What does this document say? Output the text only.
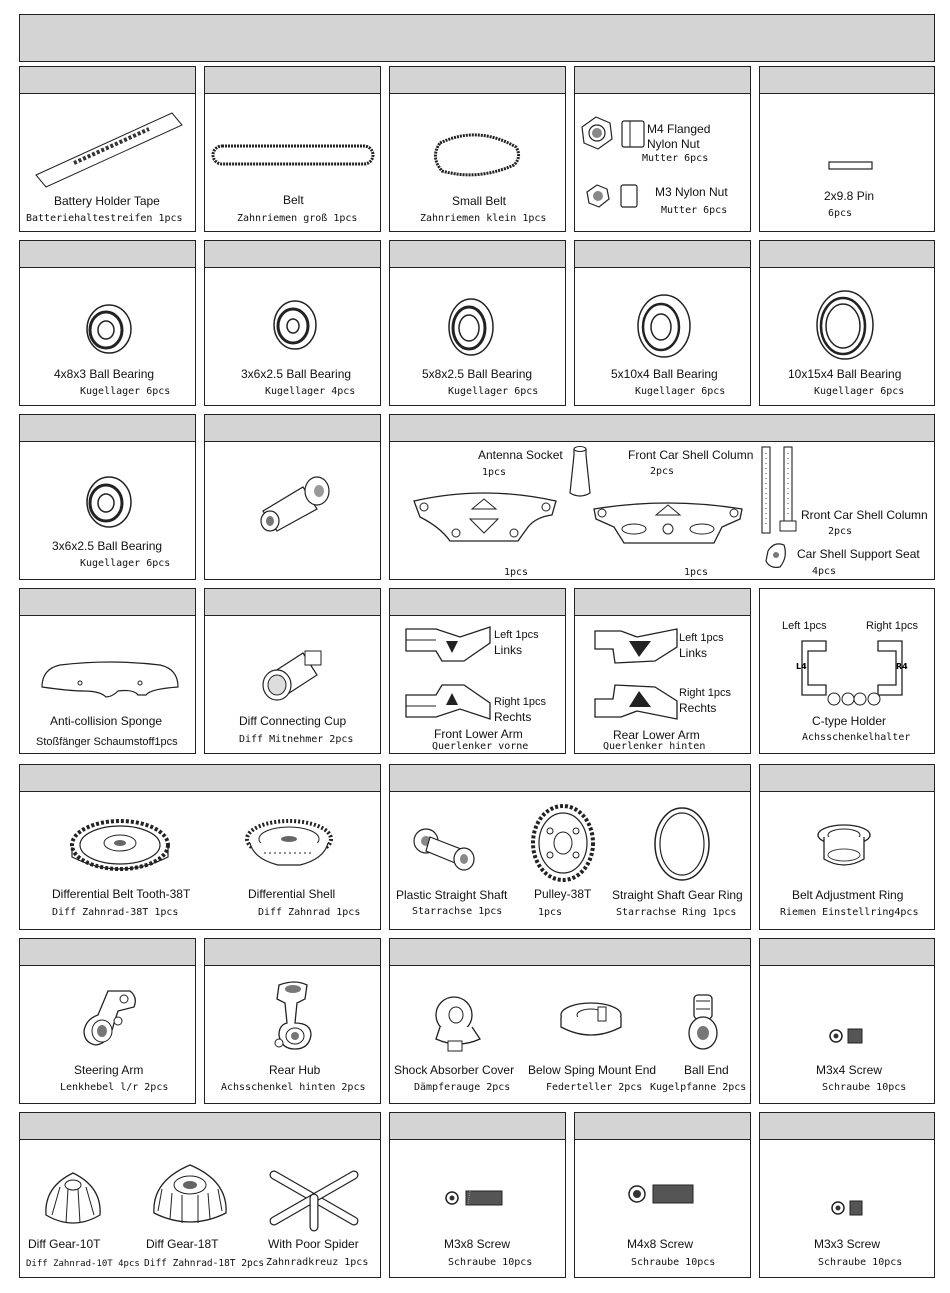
Battery Holder Tape
Batteriehaltestreifen 1pcs
Belt
Zahnriemen groß 1pcs
Small Belt
Zahnriemen klein 1pcs
M4 Flanged
Nylon Nut
Mutter 6pcs
M3 Nylon Nut
Mutter 6pcs
2x9.8 Pin
6pcs
4x8x3 Ball Bearing
Kugellager 6pcs
3x6x2.5 Ball Bearing
Kugellager 4pcs
5x8x2.5 Ball Bearing
Kugellager 6pcs
5x10x4 Ball Bearing
Kugellager 6pcs
10x15x4 Ball Bearing
Kugellager 6pcs
3x6x2.5 Ball Bearing
Kugellager 6pcs
Antenna Socket
1pcs
Front Car Shell Column
2pcs
1pcs	1pcs
Rront Car Shell Column
2pcs
Car Shell Support Seat
4pcs
Anti-collision Sponge
Stoßfänger Schaumstoff1pcs
Diff Connecting Cup
Diff Mitnehmer 2pcs
Left 1pcs
Links
Right 1pcs
Rechts
Front Lower Arm
Querlenker vorne
Left 1pcs
Links
Right 1pcs
Rechts
Rear Lower Arm
Querlenker hinten
Left 1pcs	Right 1pcs
L4	R4
C-type Holder
Achsschenkelhalter
Differential Belt Tooth-38T
Diff Zahnrad-38T 1pcs
Differential Shell
Diff Zahnrad 1pcs
Plastic Straight Shaft
Starrachse 1pcs
Pulley-38T
1pcs
Straight Shaft Gear Ring
Starrachse Ring 1pcs
Belt Adjustment Ring
Riemen Einstellring4pcs
Steering Arm
Lenkhebel l/r 2pcs
Rear Hub
Achsschenkel hinten 2pcs
Shock Absorber Cover
Dämpferauge 2pcs
Below Sping Mount End
Federteller 2pcs
Ball End
Kugelpfanne 2pcs
M3x4 Screw
Schraube 10pcs
Diff Gear-10T
Diff Zahnrad-10T 4pcs
Diff Gear-18T
Diff Zahnrad-18T 2pcs
With Poor Spider
Zahnradkreuz 1pcs
M3x8 Screw
Schraube 10pcs
M4x8 Screw
Schraube 10pcs
M3x3 Screw
Schraube 10pcs
